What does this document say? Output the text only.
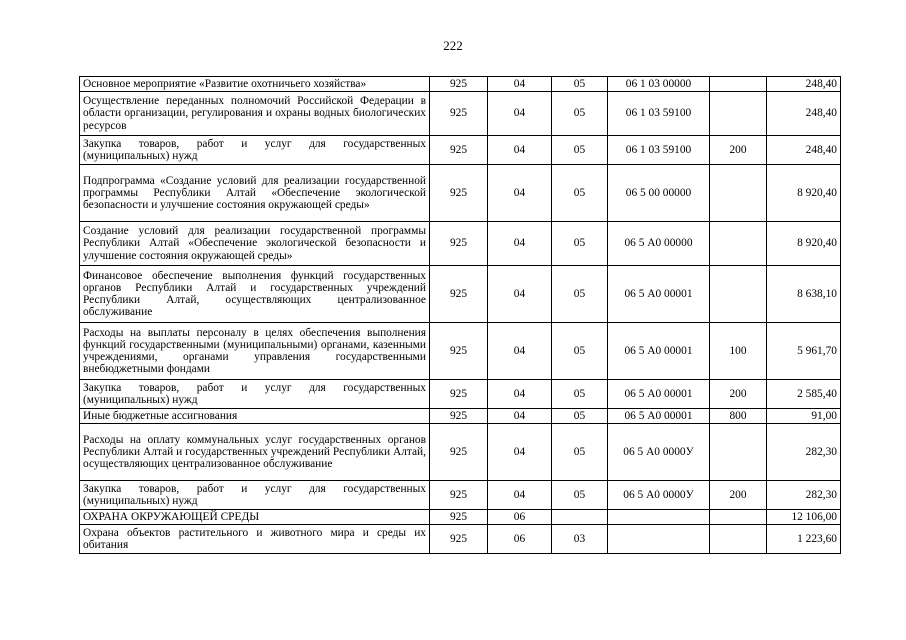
222
Основное мероприятие «Развитие охотничьего хозяйства»	925	04	05	06 1 03 00000		248,40
Осуществление переданных полномочий Российской Федерации в области организации, регулирования и охраны водных биологических ресурсов	925	04	05	06 1 03 59100		248,40
Закупка товаров, работ и услуг для государственных (муниципальных) нужд	925	04	05	06 1 03 59100	200	248,40
Подпрограмма «Создание условий для реализации государственной программы Республики Алтай «Обеспечение экологической безопасности и улучшение состояния окружающей среды»	925	04	05	06 5 00 00000		8 920,40
Создание условий для реализации государственной программы Республики Алтай «Обеспечение экологической безопасности и улучшение состояния окружающей среды»	925	04	05	06 5 А0 00000		8 920,40
Финансовое обеспечение выполнения функций государственных органов Республики Алтай и государственных учреждений Республики Алтай, осуществляющих централизованное обслуживание	925	04	05	06 5 А0 00001		8 638,10
Расходы на выплаты персоналу в целях обеспечения выполнения функций государственными (муниципальными) органами, казенными учреждениями, органами управления государственными внебюджетными фондами	925	04	05	06 5 А0 00001	100	5 961,70
Закупка товаров, работ и услуг для государственных (муниципальных) нужд	925	04	05	06 5 А0 00001	200	2 585,40
Иные бюджетные ассигнования	925	04	05	06 5 А0 00001	800	91,00
Расходы на оплату коммунальных услуг государственных органов Республики Алтай и государственных учреждений Республики Алтай, осуществляющих централизованное обслуживание	925	04	05	06 5 А0 0000У		282,30
Закупка товаров, работ и услуг для государственных (муниципальных) нужд	925	04	05	06 5 А0 0000У	200	282,30
ОХРАНА ОКРУЖАЮЩЕЙ СРЕДЫ	925	06				12 106,00
Охрана объектов растительного и животного мира и среды их обитания	925	06	03			1 223,60
